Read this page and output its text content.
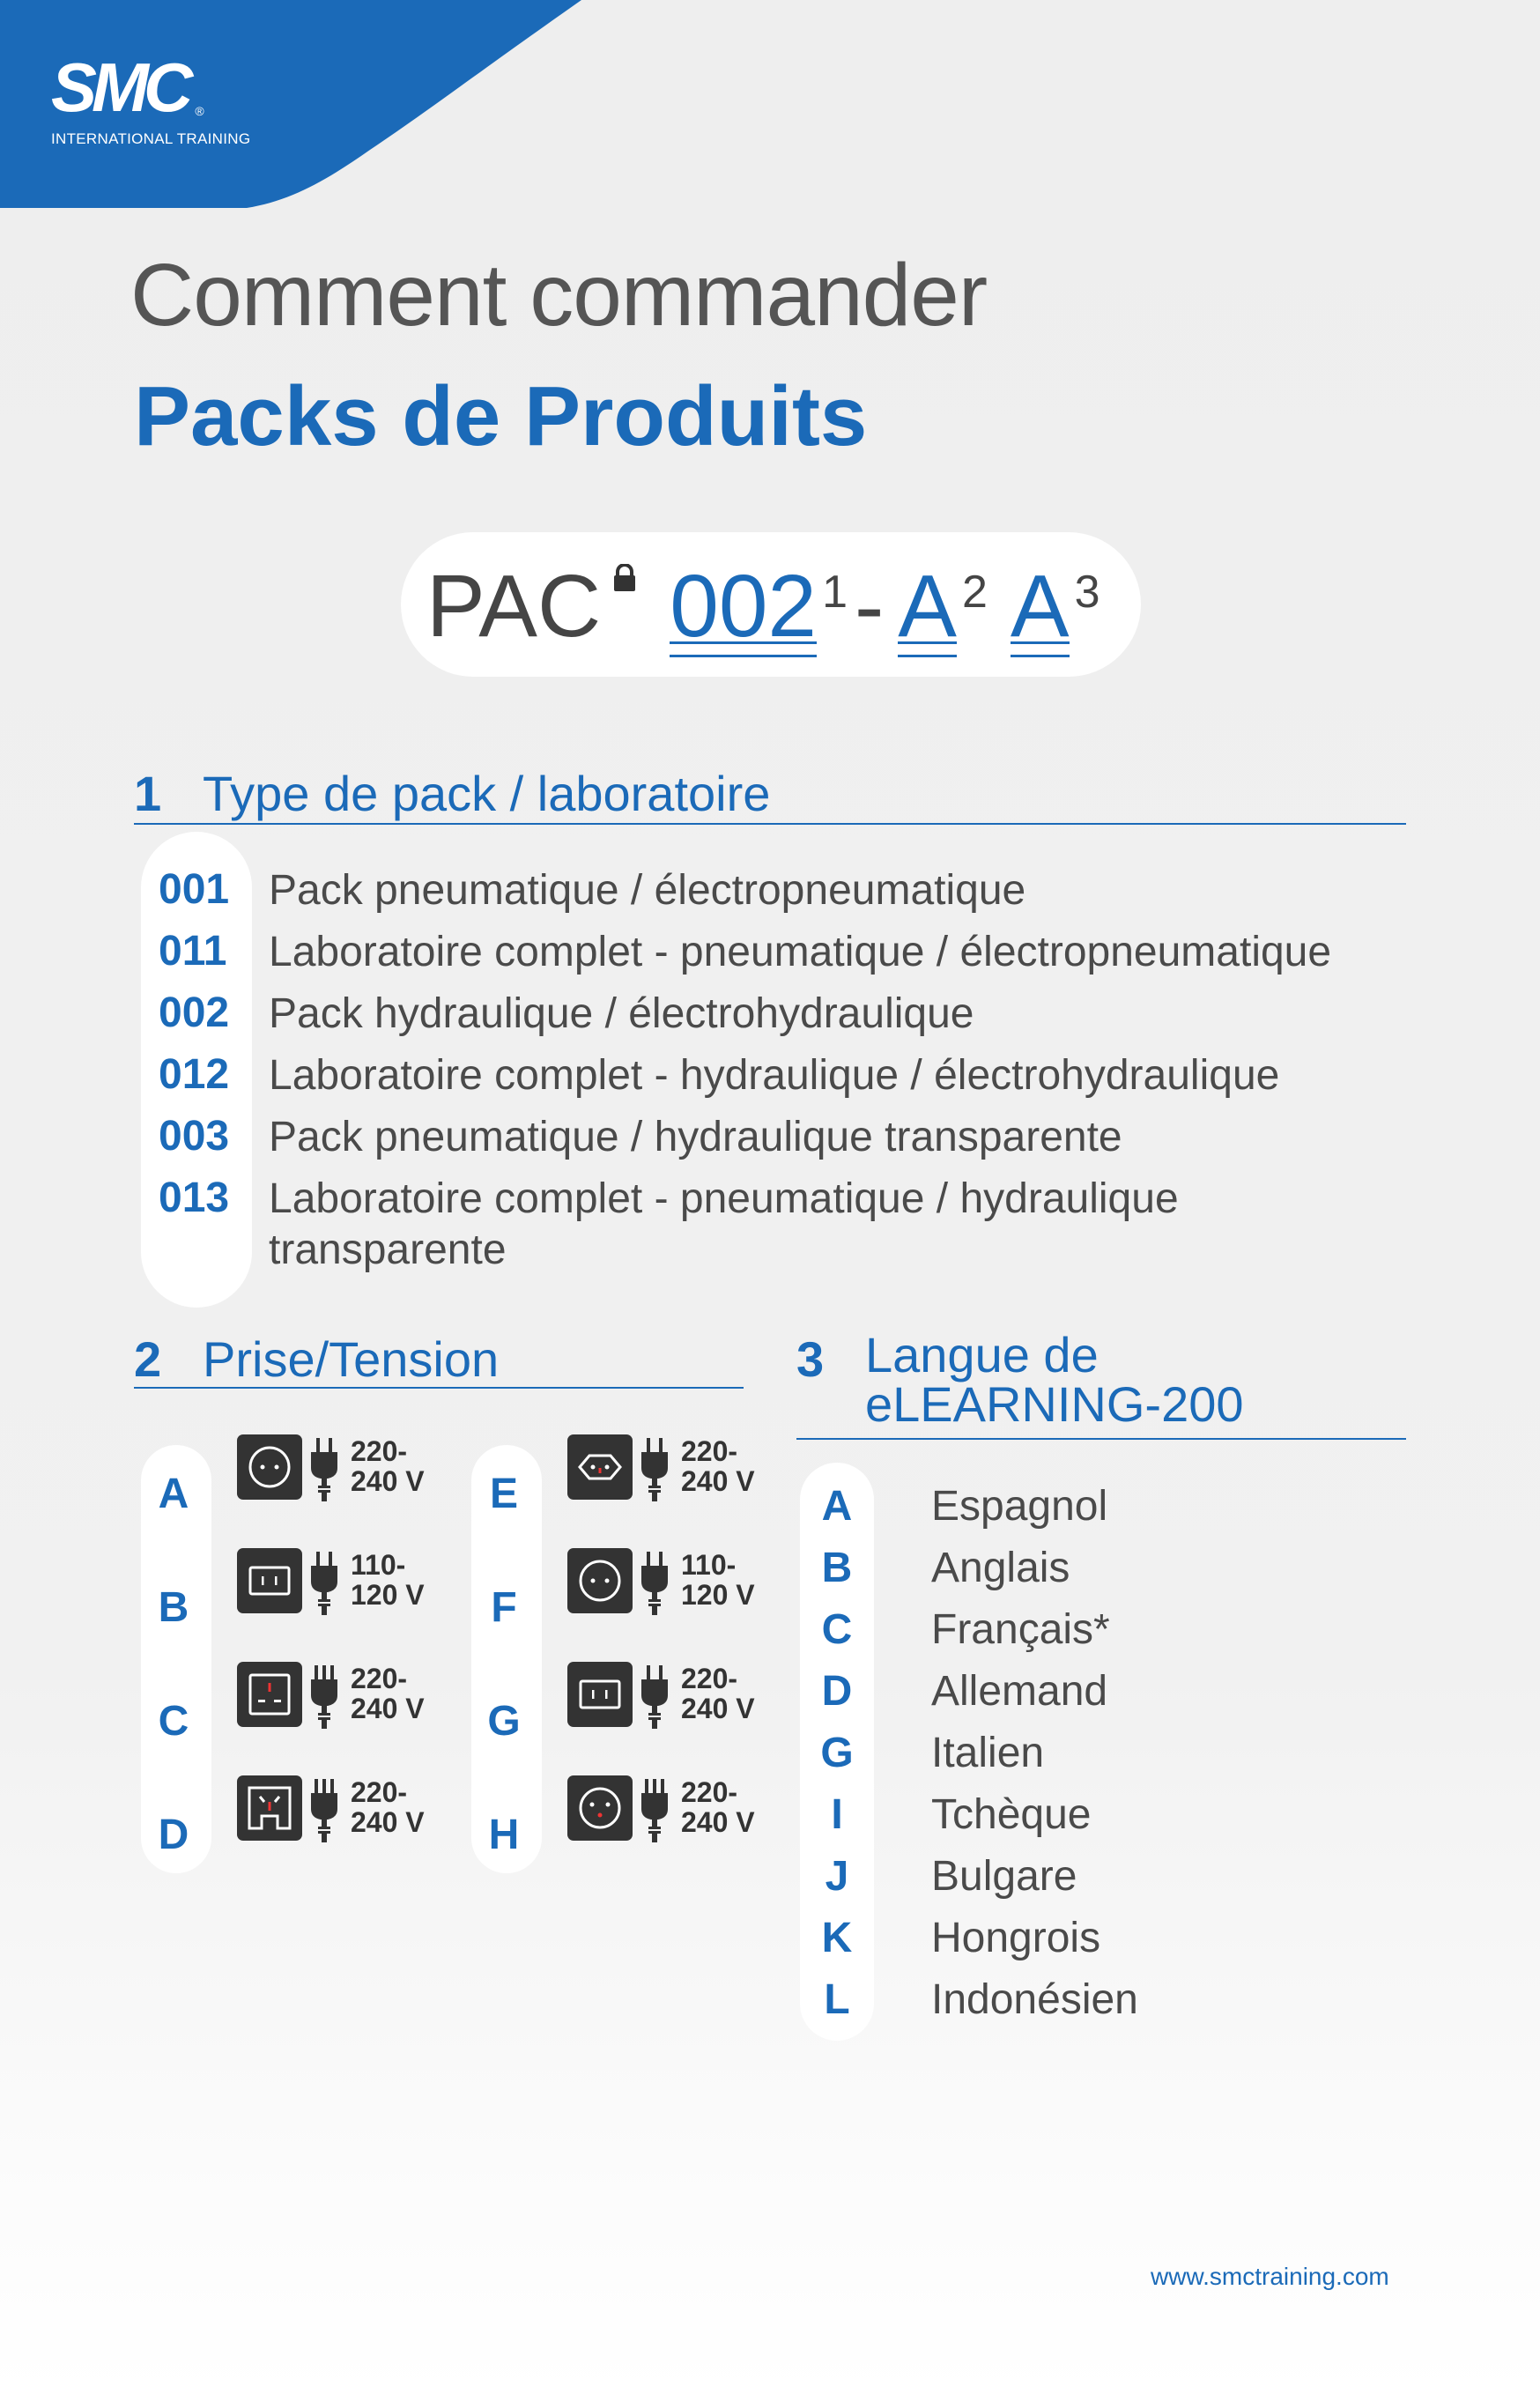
SMC ®
INTERNATIONAL TRAINING
Comment commander
Packs de Produits
PAC 002 1 - A 2 A 3
1 Type de pack / laboratoire
001 Pack pneumatique / électropneumatique
011 Laboratoire complet - pneumatique / électropneumatique
002 Pack hydraulique / électrohydraulique
012 Laboratoire complet - hydraulique / électrohydraulique
003 Pack pneumatique / hydraulique transparente
013 Laboratoire complet - pneumatique / hydraulique transparente
2 Prise/Tension
A
220-
240 V
B
110-
120 V
C
220-
240 V
D
220-
240 V
E
220-
240 V
F
110-
120 V
G
220-
240 V
H
220-
240 V
3 Langue de
eLEARNING-200
A	Espagnol
B	Anglais
C	Français*
D	Allemand
G	Italien
I	Tchèque
J	Bulgare
K	Hongrois
L	Indonésien
www.smctraining.com
